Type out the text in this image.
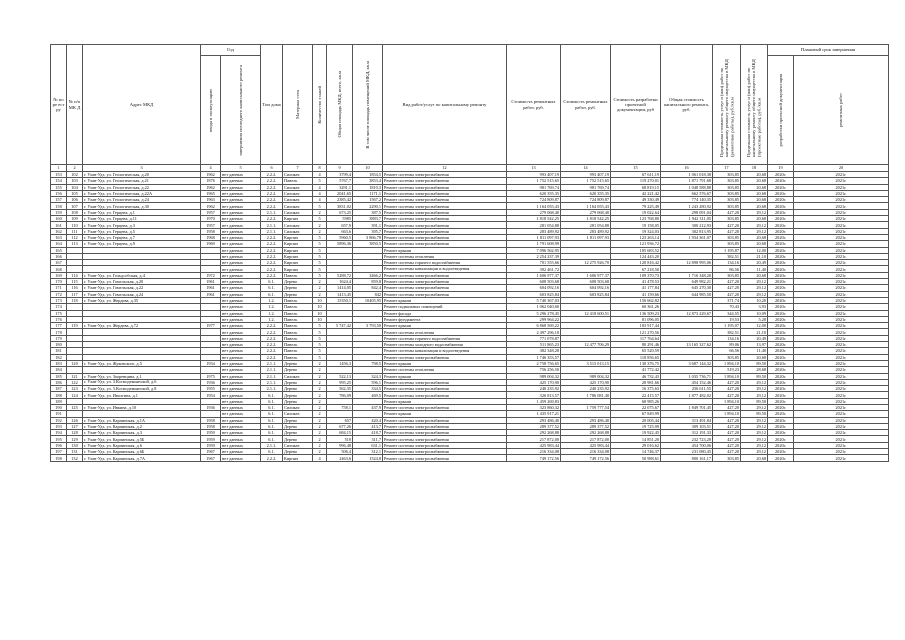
№ по ре ест ру	№ п/п МК Д	Адрес МКД	Год		Тип дома	Материал стен	Количество этажей	Общая площадь МКД, всего, кв.м	В том числе площадь помещений МКД, кв.м	Вид работ/услуг по капитальному ремонту	Стоимость ремонтных работ, руб.	Стоимость ремонтных работ, руб.	Стоимость разработки проектной документации, руб	Общая стоимость капитального ремонта, руб.	Предельная стоимость услуг и (или) работ по капитальному ремонту общего имущества в МКД (ремонтные работы), руб./кв.м	Предельная стоимость услуг и (или) работ по капитальному ремонту общего имущества в МКД (проектные работы), руб./кв.м	Плановый срок завершения	

			ввода в эксплуатацию	завершения последнего капитального ремонта													разработки проектной документации	ремонтных работ

1	2	3	4	5	6	7	8	9	10	12	13	14	15	16	17	18	19	20
153	102	г. Улан-Удэ, ул. Геологическая, д.20	1962	нет данных	2.2.2.	Силикат.	4	3799,4	1854,5	Ремонт системы электроснабжения	993 407,19	993 407,19	67 611,19	1 061 018,38	303,85	20,68	2020г.	2021г.
154	103	г. Улан-Удэ, ул. Геологическая, д.21	1876	нет данных	2.2.2.	Панель	5	5767,7	3853,4	Ремонт системы электроснабжения	1 752 515,65	1 752 515,65	119 270,01	1 871 791,68	303,85	20,68	2020г.	2021г.
155	104	г. Улан-Удэ, ул. Геологическая, д.22	1962	нет данных	2.2.2.	Силикат.	4	3291,1	1810,3	Ремонт системы электроснабжения	981 769,74	981 769,74	68 819,15	1 048 588,88	303,85	20,68	2020г.	2021г.
156	105	г. Улан-Удэ, ул. Геологическая, д.22А	1965	нет данных	2.2.2.	Силикат.	4	2041,65	1171,1	Ремонт системы электроснабжения	620 355,35	620 355,35	42 221,42	662 576,67	303,85	20,68	2020г.	2021г.
157	106	г. Улан-Удэ, ул. Геологическая, д.24	1963	нет данных	2.2.2.	Силикат.	4	2385,42	1567,2	Ремонт системы электроснабжения	724 809,87	724 809,87	49 330,49	774 140,35	303,85	20,68	2020г.	2021г.
158	107	г. Улан-Удэ, ул. Геологическая, д.30	1962	нет данных	2.2.2.	Силикат.	5	3831,02	2290,1	Ремонт системы электроснабжения	1 164 055,43	1 164 055,43	79 225,49	1 243 280,92	303,85	20,68	2020г.	2021г.
159	108	г. Улан-Удэ, ул. Герцена, д.1	1957	нет данных	2.1.1.	Силикат.	2	673,25	387,5	Ремонт системы электроснабжения	279 068,40	279 068,40	19 022,64	298 091,04	427,20	29,12	2020г.	2021г.
160	109	г. Улан-Удэ, ул. Герцена, д.11	1970	нет данных	2.2.2.	Кирпич	5	5985	3883,7	Ремонт системы электроснабжения	1 818 542,25	1 818 542,25	123 768,80	1 942 311,05	303,85	20,68	2020г.	2021г.
161	110	г. Улан-Удэ, ул. Герцена, д.3	1957	нет данных	2.1.1.	Силикат.	2	657,9	391,1	Ремонт системы электроснабжения	281 054,88	281 054,88	19 158,05	300 212,93	427,20	29,12	2020г.	2021г.
162	111	г. Улан-Удэ, ул. Герцена, д.5	1958	нет данных	2.1.1.	Силикат.	2	663,6	395,7	Ремонт системы электроснабжения	283 489,92	283 489,92	19 324,03	302 813,95	427,20	29,12	2020г.	2021г.
163	112	г. Улан-Удэ, ул. Герцена, д.7	1968	нет данных	2.2.2.	Кирпич	5	5960,5	3 866,78	Ремонт системы электроснабжения	1 811 097,93	1 811 097,93	123 263,14	1 934 361,07	303,85	20,68	2020г.	2021г.
164	113	г. Улан-Удэ, ул. Герцена, д.9	1969	нет данных	2.2.2.	Кирпич	5	5896,36	3850,5	Ремонт системы электроснабжения	1 791 608,99		121 936,72		303,85	20,68	2020г.	2021г.
165				нет данных	2.2.2.	Кирпич	5			Ремонт крыши	7 096 562,95		185 683,52		1 195,87	12,00	2020г.	2021г.
166				нет данных	2.2.2.	Кирпич	5			Ремонт системы отопления	2 254 237,39		124 443,20		382,51	21,10	2020г.	2021г.
167				нет данных	2.2.2.	Кирпич	5			Ремонт системы горячего водоснабжения	701 555,66	12 275 926,70	120 816,42	12 898 995,06	134,16	20,49	2020г.	2021г.
168				нет данных	2.2.2.	Кирпич	5			Ремонт системы канализации и водоотведения	392 461,72		67 218,50		86,56	11,40	2020г.	2021г.
169	114	г. Улан-Удэ, ул. Гольдсобская, д.4	1972	нет данных	2.2.2.	Панель	5	5288,72	3466,2	Ремонт системы электроснабжения	1 606 977,37	1 606 977,37	109 370,73	1 716 348,20	303,85	20,68	2020г.	2021г.
170	115	г. Улан-Удэ, ул. Гомельская, д.20	1961	нет данных	6.1.	Дерево	2	1624,4	859,8	Ремонт системы электроснабжения	608 503,68	608 503,68	41 478,53	649 982,21	427,20	29,12	2020г.	2021г.
171	116	г. Улан-Удэ, ул. Гомельская, д.22	1961	нет данных	6.1.	Дерево	2	1414,05	842,4	Ремонт системы электроснабжения	604 092,16	604 092,16	41 177,84	645 270,30	427,20	29,12	2020г.	2021г.
172	117	г. Улан-Удэ, ул. Гомельская, д.24	1961	нет данных	6.1.	Дерево	2	1413,45	842	Ремонт системы электроснабжения	603 825,84	603 825,84	41 159,66	644 985,50	427,20	29,12	2020г.	2021г.
173	118	г. Улан-Удэ, ул. Жердева, д.35		нет данных	1.2.	Панель	10	15350,1	10405,95	Ремонт крыши	5 740 367,03		156 662,82		371,74	10,20	2020г.	2021г.
174				нет данных	1.2.	Панель	10			Ремонт подвальных помещений	1 062 040,60		60 361,26		70,43	3,93	2020г.	2021г.
175				нет данных	1.2.	Панель	10			Ремонт фасада	5 296 278,45	12 418 600,51	136 509,23	12 873 229,67	344,55	10,09	2020г.	2021г.
176				нет данных	1.2.	Панель	10			Ремонт фундамента	299 964,22		81 096,05		19,53	5,28	2020г.	2021г.
177	119	г. Улан-Удэ, ул. Жердева, д.72	1977	нет данных	2.2.2.	Панель	5	5 747,42	3 793,50	Ремонт крыши	6 868 569,22		183 917,44		1 195,07	12,00	2020г.	2021г.
178				нет данных	2.2.2.	Панель	5			Ремонт системы отопления	2 497 296,18		121 270,56		382,51	21,10	2020г.	2021г.
179				нет данных	2.2.2.	Панель	5			Ремонт системы горячего водоснабжения	771 078,87		117 764,64		134,16	20,49	2020г.	2021г.
180				нет данных	2.2.2.	Панель	5			Ремонт системы холодного водоснабжения	511 865,23	12 477 706,29	80 291,46	13 165 327,62	89,06	13,97	2020г.	2021г.
181				нет данных	2.2.2.	Панель	5			Ремонт системы канализации и водоотведения	382 348,28		65 520,59		66,56	11,40	2020г.	2021г.
182				нет данных	2.2.2.	Панель	5			Ремонт системы электроснабжения	1 746 353,57		118 856,65		303,85	20,68	2020г.	2021г.
183	120	г. Улан-Удэ, ул. Жуковского, д.5	1934	нет данных	2.1.1.	Дерево	2	1456,3	798,5	Ремонт крыши	2 758 756,65	3 515 013,15	130 376,75	3 687 144,32	1 894,10	89,50	2020г.	2021г.
184				нет данных	2.1.1.	Дерево	2			Ремонт системы отопления	756 256,50		41 772,42		519,23	28,68	2020г.	2021г.
185	121	г. Улан-Удэ, ул. Заоренцина, д.1	1975	нет данных	2.1.1.	Силикат.	2	522,13	324,3	Ремонт крыши	989 004,32	989 004,32	46 732,43	1 035 736,71	1 894,10	89,50	2020г.	2021г.
186	122	г. Улан-Удэ, ул. 3.Космодемьянской, д.6	1936	нет данных	2.1.1.	Дерево	2	995,25	596,1	Ремонт системы электроснабжения	425 170,90	425 170,90	28 981,66	454 152,46	427,20	29,12	2020г.	2021г.
187	123	г. Улан-Удэ, ул. 3.Космодемьянской, д.8	1955	нет данных	2.1.1.	Дерево	2	562,35	334,5	Ремонт системы электроснабжения	240 235,92	240 235,92	16 375,63	256 611,55	427,20	29,12	2020г.	2021г.
188	124	г. Улан-Удэ, ул. Иволгина, д.1	1954	нет данных	6.1.	Дерево	2	786,09	469,5	Ремонт системы электроснабжения	326 813,57	1 786 081,40	22 415,57	1 877 482,02	427,20	29,12	2020г.	2021г.
189				нет данных	6.1.	Дерево	2			Ремонт крыши	1 459 269,83		68 985,26		1 894,10	89,50	2020г.	2021г.
190	125	г. Улан-Удэ, ул. Ивкина, д.10	1936	нет данных	6.1.	Силикат.	2	758,1	437,9	Ремонт системы электроснабжения	323 860,32	1 759 777,54	22 075,67	1 849 701,45	427,20	29,12	2020г.	2021г.
191				нет данных	6.1.	Силикат.	2			Ремонт крыши	1 435 917,21		67 849,99		1 894,10	89,50	2020г.	2021г.
192	126	г. Улан-Удэ, ул. Карпинская, д.1А	1958	нет данных	6.1.	Дерево	2	657	420,4	Ремонт системы электроснабжения	293 486,40	293 486,40	20 005,44	313 491,84	427,20	29,12	2020г.	2021г.
193	127	г. Улан-Удэ, ул. Карпинская, д.2	1958	нет данных	6.1.	Дерево	2	677,26	413,7	Ремонт системы электроснабжения	289 377,52	289 377,52	19 725,99	309 103,51	427,20	29,12	2020г.	2021г.
194	128	г. Улан-Удэ, ул. Карпинская, д.3	1959	нет данных	6.1.	Дерево	2	684,15	418,7	Ремонт системы электроснабжения	292 268,88	292 268,88	19 922,45	312 191,33	427,20	29,12	2020г.	2021г.
195	129	г. Улан-Удэ, ул. Карпинская, д.5Б	1959	нет данных	6.1.	Дерево	2	510	311,7	Ремонт системы электроснабжения	217 872,00	217 872,00	14 851,20	232 723,20	427,20	29,12	2020г.	2021г.
196	130	г. Улан-Удэ, ул. Карпинская, д.6	1959	нет данных	2.1.1.	Силикат.	2	996,48	631,1	Ремонт системы электроснабжения	425 983,44	425 983,44	29 016,62	454 700,06	427,20	29,12	2020г.	2021г.
197	131	г. Улан-Удэ, ул. Карпинская, д.6Б	1967	нет данных	6.1.	Дерево	2	506,4	312,1	Ремонт системы электроснабжения	216 334,08	216 334,08	14 746,37	231 080,45	427,20	29,12	2020г.	2021г.
198	132	г. Улан-Удэ, ул. Карпинская, д.7А	1967	нет данных	2.2.2.	Кирпич	4	2463,6	1524,8	Ремонт системы электроснабжения	749 172,56	749 172,56	50 988,61	800 161,17	303,85	20,68	2020г.	2021г.
